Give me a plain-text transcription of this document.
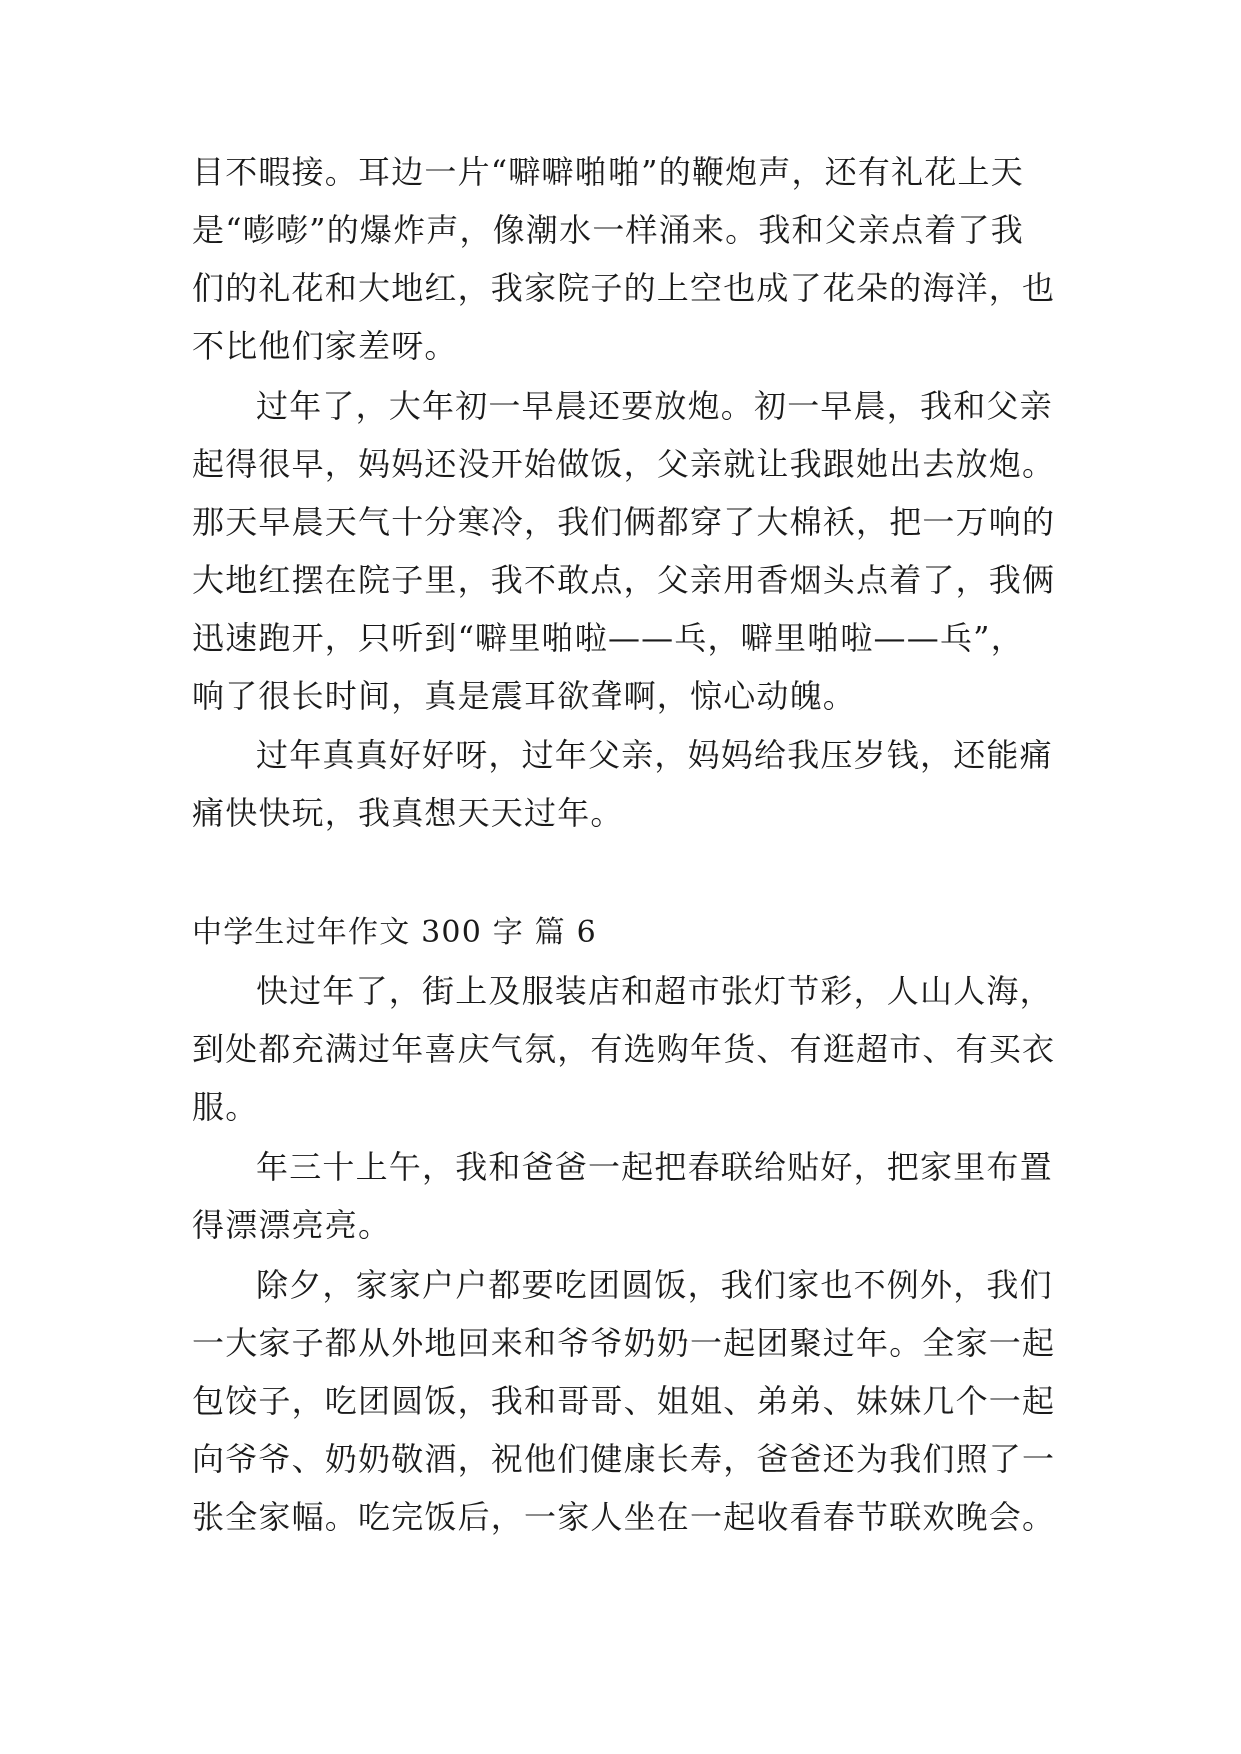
目不暇接。耳边一片“噼噼啪啪”的鞭炮声，还有礼花上天
是“嘭嘭”的爆炸声，像潮水一样涌来。我和父亲点着了我
们的礼花和大地红，我家院子的上空也成了花朵的海洋，也
不比他们家差呀。
过年了，大年初一早晨还要放炮。初一早晨，我和父亲
起得很早，妈妈还没开始做饭，父亲就让我跟她出去放炮。
那天早晨天气十分寒冷，我们俩都穿了大棉袄，把一万响的
大地红摆在院子里，我不敢点，父亲用香烟头点着了，我俩
迅速跑开，只听到“噼里啪啦——乓，噼里啪啦——乓”，
响了很长时间，真是震耳欲聋啊，惊心动魄。
过年真真好好呀，过年父亲，妈妈给我压岁钱，还能痛
痛快快玩，我真想天天过年。
中学生过年作文 300 字 篇 6
快过年了，街上及服装店和超市张灯节彩，人山人海，
到处都充满过年喜庆气氛，有选购年货、有逛超市、有买衣
服。
年三十上午，我和爸爸一起把春联给贴好，把家里布置
得漂漂亮亮。
除夕，家家户户都要吃团圆饭，我们家也不例外，我们
一大家子都从外地回来和爷爷奶奶一起团聚过年。全家一起
包饺子，吃团圆饭，我和哥哥、姐姐、弟弟、妹妹几个一起
向爷爷、奶奶敬酒，祝他们健康长寿，爸爸还为我们照了一
张全家幅。吃完饭后，一家人坐在一起收看春节联欢晚会。
